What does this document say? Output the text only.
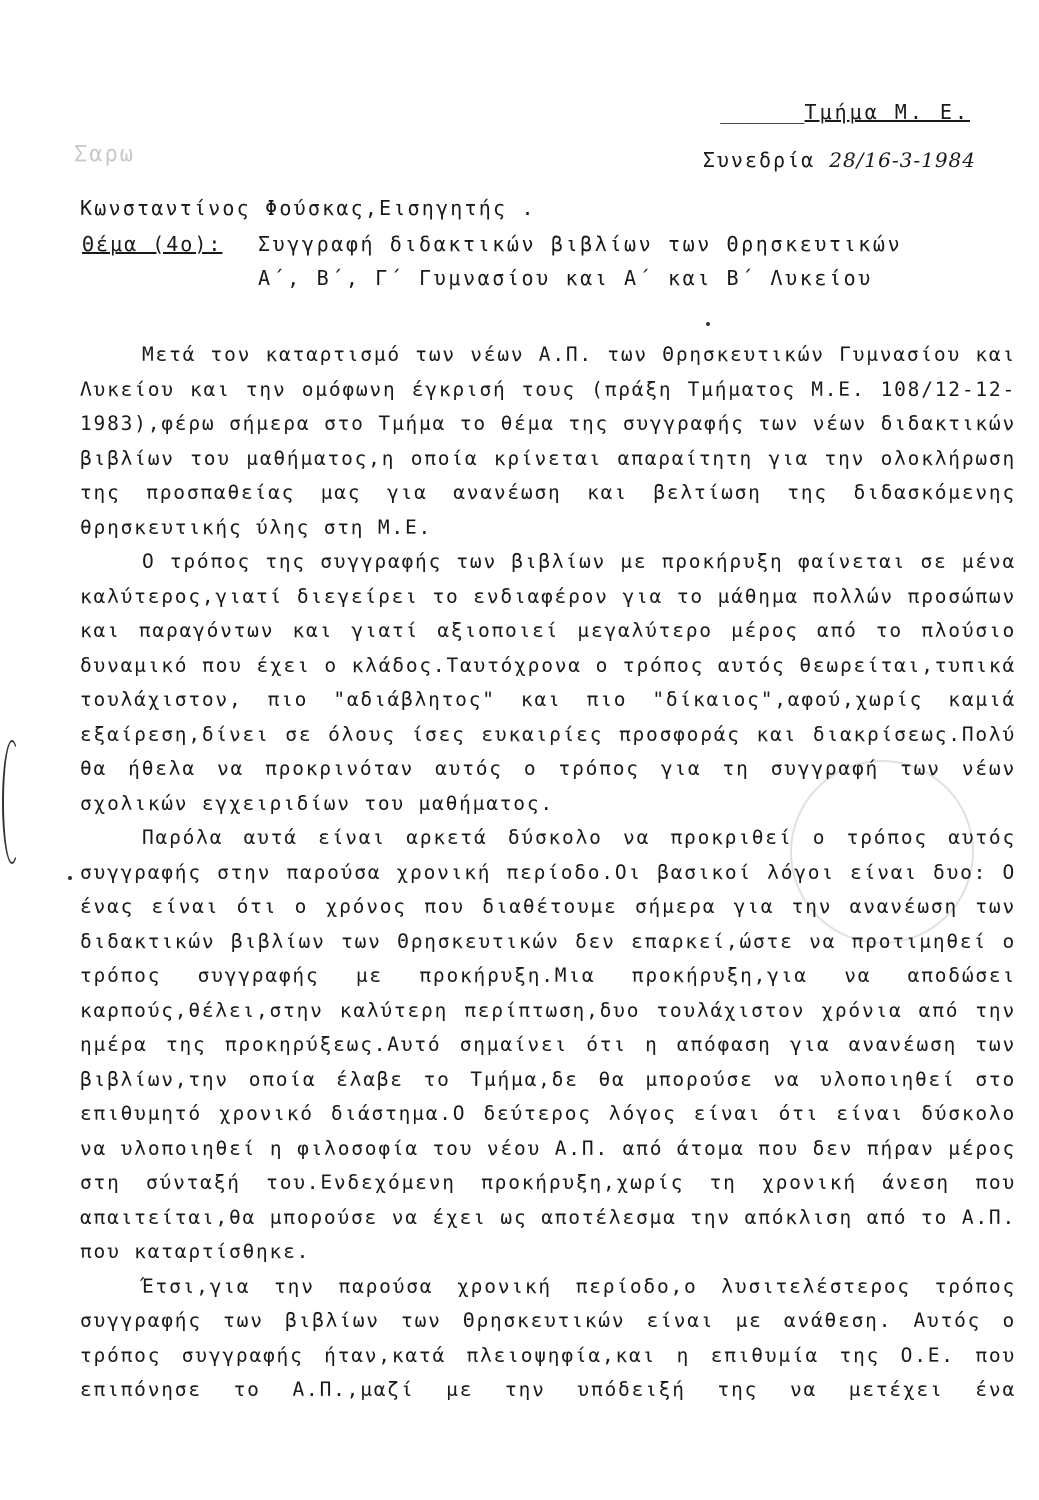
Σαρω
_______Τμήμα Μ. Ε.
Συνεδρία 28/16-3-1984
Κωνσταντίνος Φούσκας,Εισηγητής .
Θέμα (4ο): Συγγραφή διδακτικών βιβλίων των Θρησκευτικών
Α΄, Β΄, Γ΄ Γυμνασίου και Α΄ και Β΄ Λυκείου

Μετά τον καταρτισμό των νέων Α.Π. των Θρησκευτικών Γυμνασίου και Λυκείου και την ομόφωνη έγκρισή τους (πράξη Τμήματος Μ.Ε. 108/12-12-1983),φέρω σήμερα στο Τμήμα το θέμα της συγγραφής των νέων διδακτικών βιβλίων του μαθήματος,η οποία κρίνεται απαραίτητη για την ολοκλήρωση της προσπαθείας μας για ανανέωση και βελτίωση της διδασκόμενης θρησκευτικής ύλης στη Μ.Ε.

Ο τρόπος της συγγραφής των βιβλίων με προκήρυξη φαίνεται σε μένα καλύτερος,γιατί διεγείρει το ενδιαφέρον για το μάθημα πολλών προσώπων και παραγόντων και γιατί αξιοποιεί μεγαλύτερο μέρος από το πλούσιο δυναμικό που έχει ο κλάδος.Ταυτόχρονα ο τρόπος αυτός θεωρείται,τυπικά τουλάχιστον, πιο "αδιάβλητος" και πιο "δίκαιος",αφού,χωρίς καμιά εξαίρεση,δίνει σε όλους ίσες ευκαιρίες προσφοράς και διακρίσεως.Πολύ θα ήθελα να προκρινόταν αυτός ο τρόπος για τη συγγραφή των νέων σχολικών εγχειριδίων του μαθήματος.

Παρόλα αυτά είναι αρκετά δύσκολο να προκριθεί ο τρόπος αυτός συγγραφής στην παρούσα χρονική περίοδο.Οι βασικοί λόγοι είναι δυο: Ο ένας είναι ότι ο χρόνος που διαθέτουμε σήμερα για την ανανέωση των διδακτικών βιβλίων των Θρησκευτικών δεν επαρκεί,ώστε να προτιμηθεί ο τρόπος συγγραφής με προκήρυξη.Μια προκήρυξη,για να αποδώσει καρπούς,θέλει,στην καλύτερη περίπτωση,δυο τουλάχιστον χρόνια από την ημέρα της προκηρύξεως.Αυτό σημαίνει ότι η απόφαση για ανανέωση των βιβλίων,την οποία έλαβε το Τμήμα,δε θα μπορούσε να υλοποιηθεί στο επιθυμητό χρονικό διάστημα.Ο δεύτερος λόγος είναι ότι είναι δύσκολο να υλοποιηθεί η φιλοσοφία του νέου Α.Π. από άτομα που δεν πήραν μέρος στη σύνταξή του.Ενδεχόμενη προκήρυξη,χωρίς τη χρονική άνεση που απαιτείται,θα μπορούσε να έχει ως αποτέλεσμα την απόκλιση από το Α.Π. που καταρτίσθηκε.

Έτσι,για την παρούσα χρονική περίοδο,ο λυσιτελέστερος τρόπος συγγραφής των βιβλίων των Θρησκευτικών είναι με ανάθεση. Αυτός ο τρόπος συγγραφής ήταν,κατά πλειοψηφία,και η επιθυμία της Ο.Ε. που επιπόνησε το Α.Π.,μαζί με την υπόδειξή της να μετέχει ένα
